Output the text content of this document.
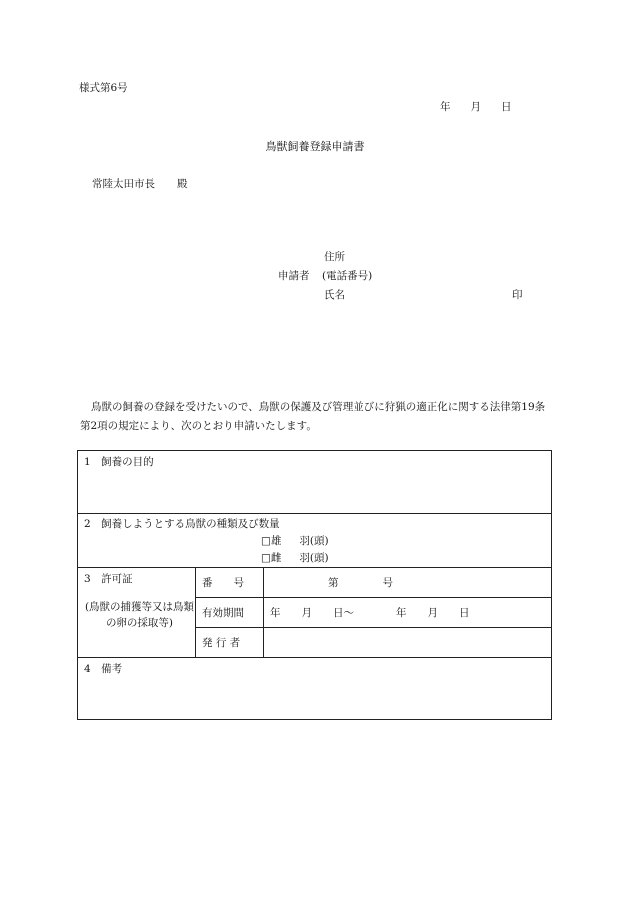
様式第6号
年 月 日
鳥獣飼養登録申請書
常陸太田市長 殿
住所
申請者 (電話番号)
氏名	印
鳥獣の飼養の登録を受けたいので、鳥獣の保護及び管理並びに狩猟の適正化に関する法律第19条第2項の規定により、次のとおり申請いたします。
1　飼養の目的		

2　飼養しようとする鳥獣の種類及び数量
□雄 羽(頭)
□雌 羽(頭)		

3　許可証
(鳥獣の捕獲等又は鳥類の卵の採取等)	番　　号	第 号
	有効期間	年　　月　　日〜　　　　年　　月　　日
	発 行 者	
4　備考		
